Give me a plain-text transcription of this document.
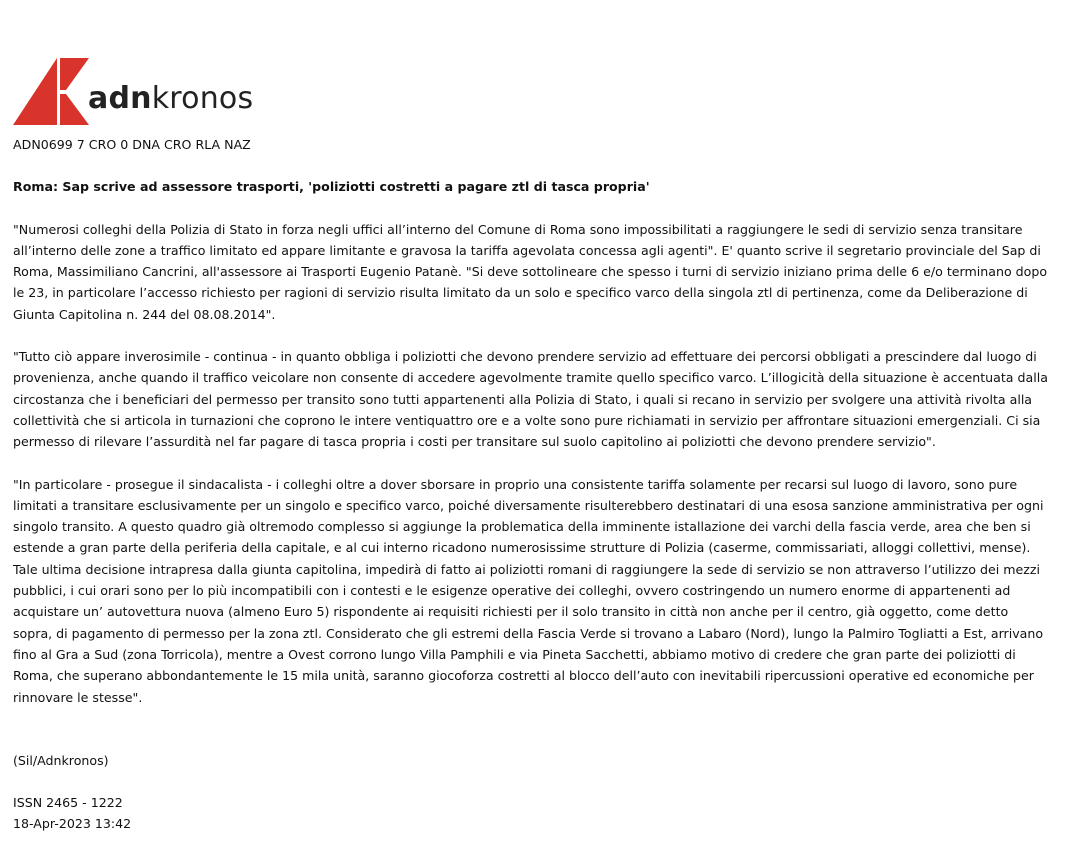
adnkronos

ADN0699 7 CRO 0 DNA CRO RLA NAZ

Roma: Sap scrive ad assessore trasporti, 'poliziotti costretti a pagare ztl di tasca propria'

"Numerosi colleghi della Polizia di Stato in forza negli uffici all’interno del Comune di Roma sono impossibilitati a raggiungere le sedi di servizio senza transitare all’interno delle zone a traffico limitato ed appare limitante e gravosa la tariffa agevolata concessa agli agenti". E' quanto scrive il segretario provinciale del Sap di Roma, Massimiliano Cancrini, all'assessore ai Trasporti Eugenio Patanè. "Si deve sottolineare che spesso i turni di servizio iniziano prima delle 6 e/o terminano dopo le 23, in particolare l’accesso richiesto per ragioni di servizio risulta limitato da un solo e specifico varco della singola ztl di pertinenza, come da Deliberazione di Giunta Capitolina n. 244 del 08.08.2014".

"Tutto ciò appare inverosimile - continua - in quanto obbliga i poliziotti che devono prendere servizio ad effettuare dei percorsi obbligati a prescindere dal luogo di provenienza, anche quando il traffico veicolare non consente di accedere agevolmente tramite quello specifico varco. L’illogicità della situazione è accentuata dalla circostanza che i beneficiari del permesso per transito sono tutti appartenenti alla Polizia di Stato, i quali si recano in servizio per svolgere una attività rivolta alla collettività che si articola in turnazioni che coprono le intere ventiquattro ore e a volte sono pure richiamati in servizio per affrontare situazioni emergenziali. Ci sia permesso di rilevare l’assurdità nel far pagare di tasca propria i costi per transitare sul suolo capitolino ai poliziotti che devono prendere servizio".

"In particolare - prosegue il sindacalista - i colleghi oltre a dover sborsare in proprio una consistente tariffa solamente per recarsi sul luogo di lavoro, sono pure limitati a transitare esclusivamente per un singolo e specifico varco, poiché diversamente risulterebbero destinatari di una esosa sanzione amministrativa per ogni singolo transito. A questo quadro già oltremodo complesso si aggiunge la problematica della imminente istallazione dei varchi della fascia verde, area che ben si estende a gran parte della periferia della capitale, e al cui interno ricadono numerosissime strutture di Polizia (caserme, commissariati, alloggi collettivi, mense). Tale ultima decisione intrapresa dalla giunta capitolina, impedirà di fatto ai poliziotti romani di raggiungere la sede di servizio se non attraverso l’utilizzo dei mezzi pubblici, i cui orari sono per lo più incompatibili con i contesti e le esigenze operative dei colleghi, ovvero costringendo un numero enorme di appartenenti ad acquistare un’ autovettura nuova (almeno Euro 5) rispondente ai requisiti richiesti per il solo transito in città non anche per il centro, già oggetto, come detto sopra, di pagamento di permesso per la zona ztl. Considerato che gli estremi della Fascia Verde si trovano a Labaro (Nord), lungo la Palmiro Togliatti a Est, arrivano fino al Gra a Sud (zona Torricola), mentre a Ovest corrono lungo Villa Pamphili e via Pineta Sacchetti, abbiamo motivo di credere che gran parte dei poliziotti di Roma, che superano abbondantemente le 15 mila unità, saranno giocoforza costretti al blocco dell’auto con inevitabili ripercussioni operative ed economiche per rinnovare le stesse".

(Sil/Adnkronos)

ISSN 2465 - 1222

18-Apr-2023 13:42
